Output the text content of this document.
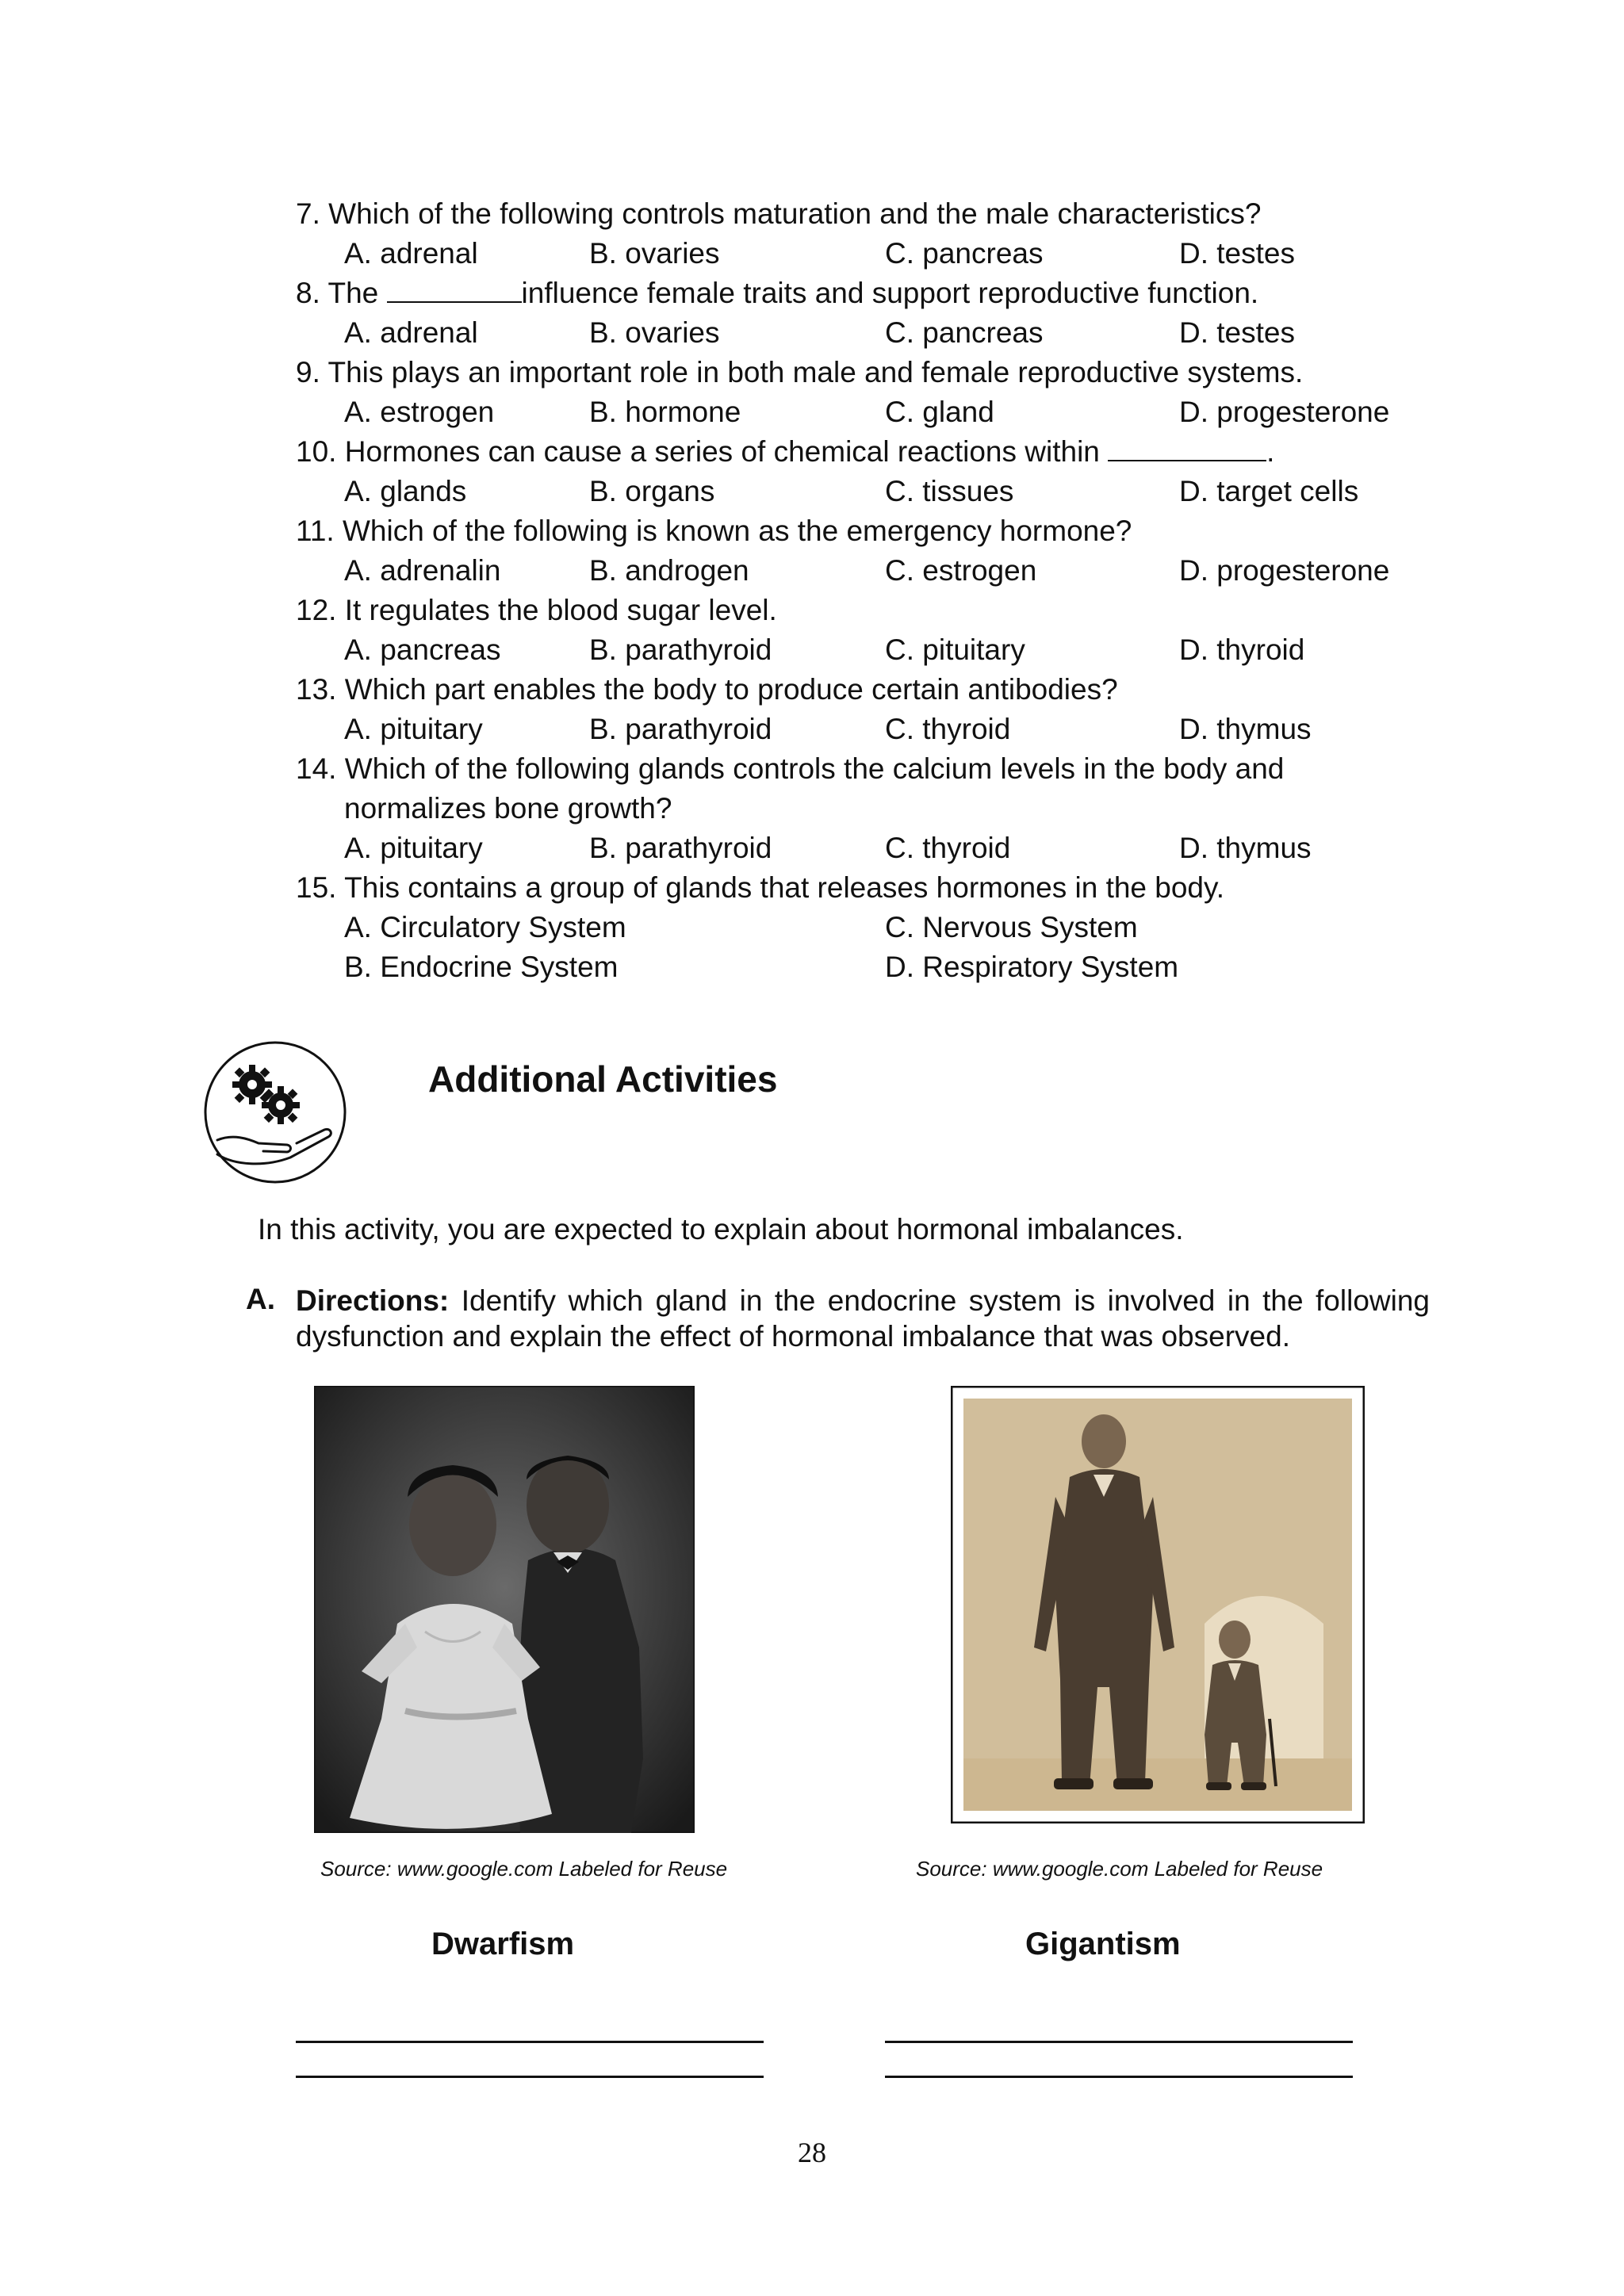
7. Which of the following controls maturation and the male characteristics?
A. adrenal	B. ovaries	C. pancreas	D. testes
8. The	influence female traits and support reproductive function.
A. adrenal	B. ovaries	C. pancreas	D. testes
9. This plays an important role in both male and female reproductive systems.
A. estrogen	B. hormone	C. gland	D. progesterone
10. Hormones can cause a series of chemical reactions within	.
A. glands	B. organs	C. tissues	D. target cells
11. Which of the following is known as the emergency hormone?
A. adrenalin	B. androgen	C. estrogen	D. progesterone
12. It regulates the blood sugar level.
A. pancreas	B. parathyroid	C. pituitary	D. thyroid
13. Which part enables the body to produce certain antibodies?
A. pituitary	B. parathyroid	C. thyroid	D. thymus
14. Which of the following glands controls the calcium levels in the body and
normalizes bone growth?
A. pituitary	B. parathyroid	C. thyroid	D. thymus
15. This contains a group of glands that releases hormones in the body.
A. Circulatory System	C. Nervous System
B. Endocrine System	D. Respiratory System
Additional Activities
In this activity, you are expected to explain about hormonal imbalances.
A. Directions: Identify which gland in the endocrine system is involved in the following dysfunction and explain the effect of hormonal imbalance that was observed.
Source: www.google.com Labeled for Reuse	Source: www.google.com Labeled for Reuse
Dwarfism	Gigantism
28
